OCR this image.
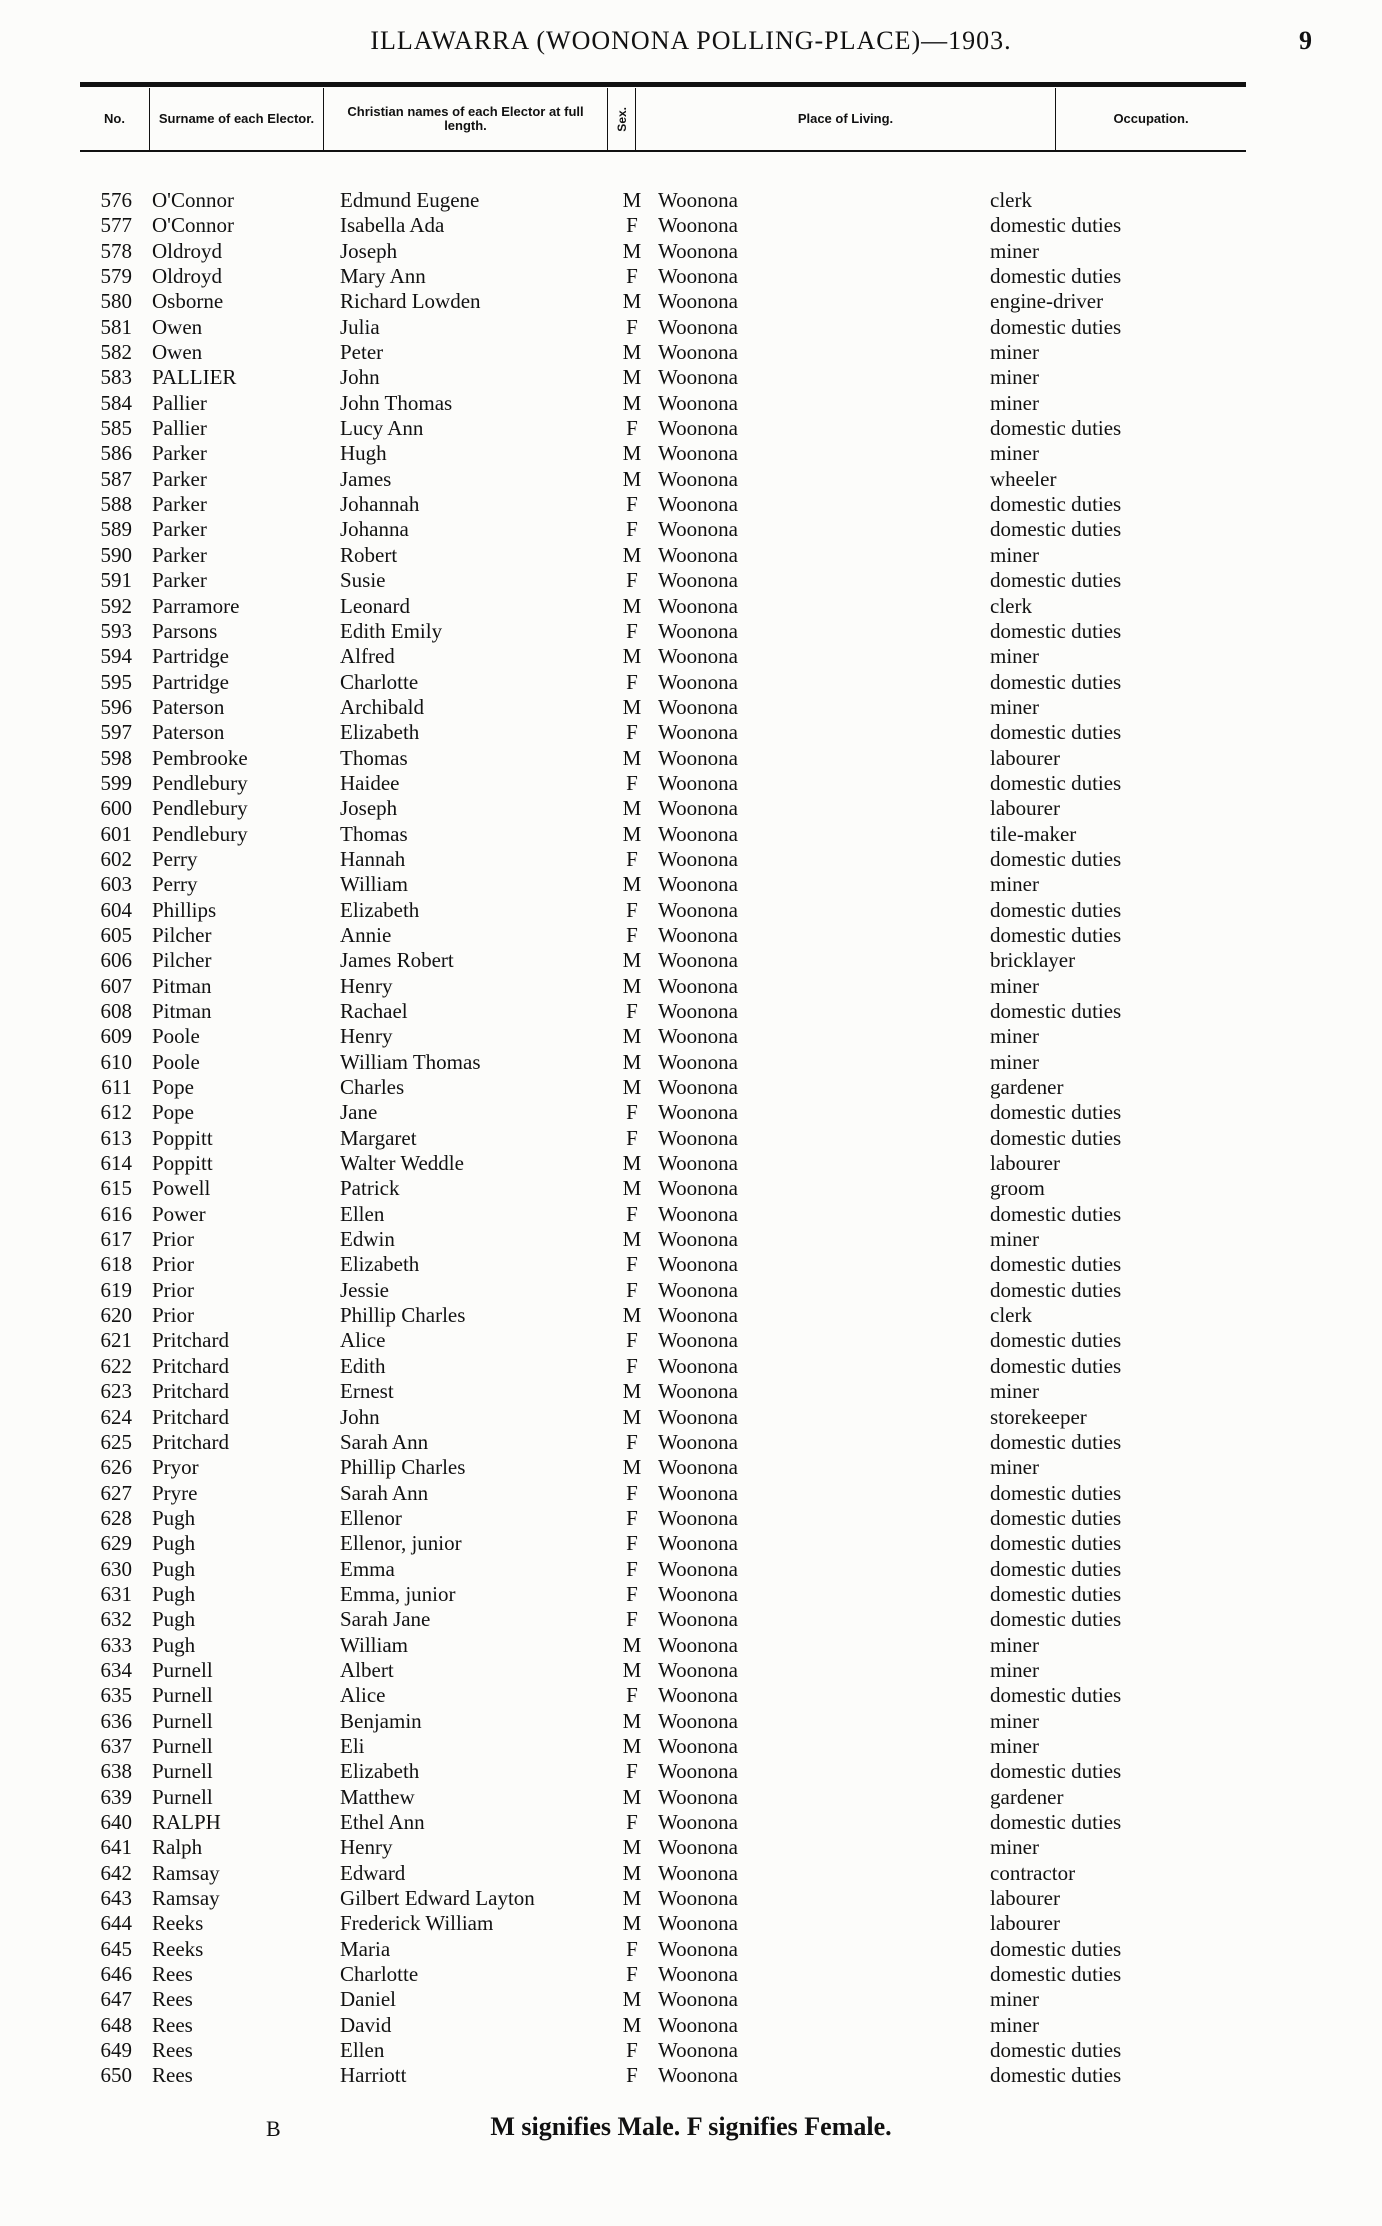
ILLAWARRA (WOONONA POLLING-PLACE)—1903.	9
No.	Surname of each Elector.	Christian names of each Elector at full length.	Sex.	Place of Living.	Occupation.
576 O'Connor	Edmund Eugene	M Woonona	clerk
577 O'Connor	Isabella Ada	F Woonona	domestic duties
578 Oldroyd	Joseph	M Woonona	miner
579 Oldroyd	Mary Ann	F Woonona	domestic duties
580 Osborne	Richard Lowden	M Woonona	engine-driver
581 Owen	Julia	F Woonona	domestic duties
582 Owen	Peter	M Woonona	miner
583 PALLIER	John	M Woonona	miner
584 Pallier	John Thomas	M Woonona	miner
585 Pallier	Lucy Ann	F Woonona	domestic duties
586 Parker	Hugh	M Woonona	miner
587 Parker	James	M Woonona	wheeler
588 Parker	Johannah	F Woonona	domestic duties
589 Parker	Johanna	F Woonona	domestic duties
590 Parker	Robert	M Woonona	miner
591 Parker	Susie	F Woonona	domestic duties
592 Parramore	Leonard	M Woonona	clerk
593 Parsons	Edith Emily	F Woonona	domestic duties
594 Partridge	Alfred	M Woonona	miner
595 Partridge	Charlotte	F Woonona	domestic duties
596 Paterson	Archibald	M Woonona	miner
597 Paterson	Elizabeth	F Woonona	domestic duties
598 Pembrooke	Thomas	M Woonona	labourer
599 Pendlebury	Haidee	F Woonona	domestic duties
600 Pendlebury	Joseph	M Woonona	labourer
601 Pendlebury	Thomas	M Woonona	tile-maker
602 Perry	Hannah	F Woonona	domestic duties
603 Perry	William	M Woonona	miner
604 Phillips	Elizabeth	F Woonona	domestic duties
605 Pilcher	Annie	F Woonona	domestic duties
606 Pilcher	James Robert	M Woonona	bricklayer
607 Pitman	Henry	M Woonona	miner
608 Pitman	Rachael	F Woonona	domestic duties
609 Poole	Henry	M Woonona	miner
610 Poole	William Thomas	M Woonona	miner
611 Pope	Charles	M Woonona	gardener
612 Pope	Jane	F Woonona	domestic duties
613 Poppitt	Margaret	F Woonona	domestic duties
614 Poppitt	Walter Weddle	M Woonona	labourer
615 Powell	Patrick	M Woonona	groom
616 Power	Ellen	F Woonona	domestic duties
617 Prior	Edwin	M Woonona	miner
618 Prior	Elizabeth	F Woonona	domestic duties
619 Prior	Jessie	F Woonona	domestic duties
620 Prior	Phillip Charles	M Woonona	clerk
621 Pritchard	Alice	F Woonona	domestic duties
622 Pritchard	Edith	F Woonona	domestic duties
623 Pritchard	Ernest	M Woonona	miner
624 Pritchard	John	M Woonona	storekeeper
625 Pritchard	Sarah Ann	F Woonona	domestic duties
626 Pryor	Phillip Charles	M Woonona	miner
627 Pryre	Sarah Ann	F Woonona	domestic duties
628 Pugh	Ellenor	F Woonona	domestic duties
629 Pugh	Ellenor, junior	F Woonona	domestic duties
630 Pugh	Emma	F Woonona	domestic duties
631 Pugh	Emma, junior	F Woonona	domestic duties
632 Pugh	Sarah Jane	F Woonona	domestic duties
633 Pugh	William	M Woonona	miner
634 Purnell	Albert	M Woonona	miner
635 Purnell	Alice	F Woonona	domestic duties
636 Purnell	Benjamin	M Woonona	miner
637 Purnell	Eli	M Woonona	miner
638 Purnell	Elizabeth	F Woonona	domestic duties
639 Purnell	Matthew	M Woonona	gardener
640 RALPH	Ethel Ann	F Woonona	domestic duties
641 Ralph	Henry	M Woonona	miner
642 Ramsay	Edward	M Woonona	contractor
643 Ramsay	Gilbert Edward Layton	M Woonona	labourer
644 Reeks	Frederick William	M Woonona	labourer
645 Reeks	Maria	F Woonona	domestic duties
646 Rees	Charlotte	F Woonona	domestic duties
647 Rees	Daniel	M Woonona	miner
648 Rees	David	M Woonona	miner
649 Rees	Ellen	F Woonona	domestic duties
650 Rees	Harriott	F Woonona	domestic duties
B	M signifies Male. F signifies Female.
